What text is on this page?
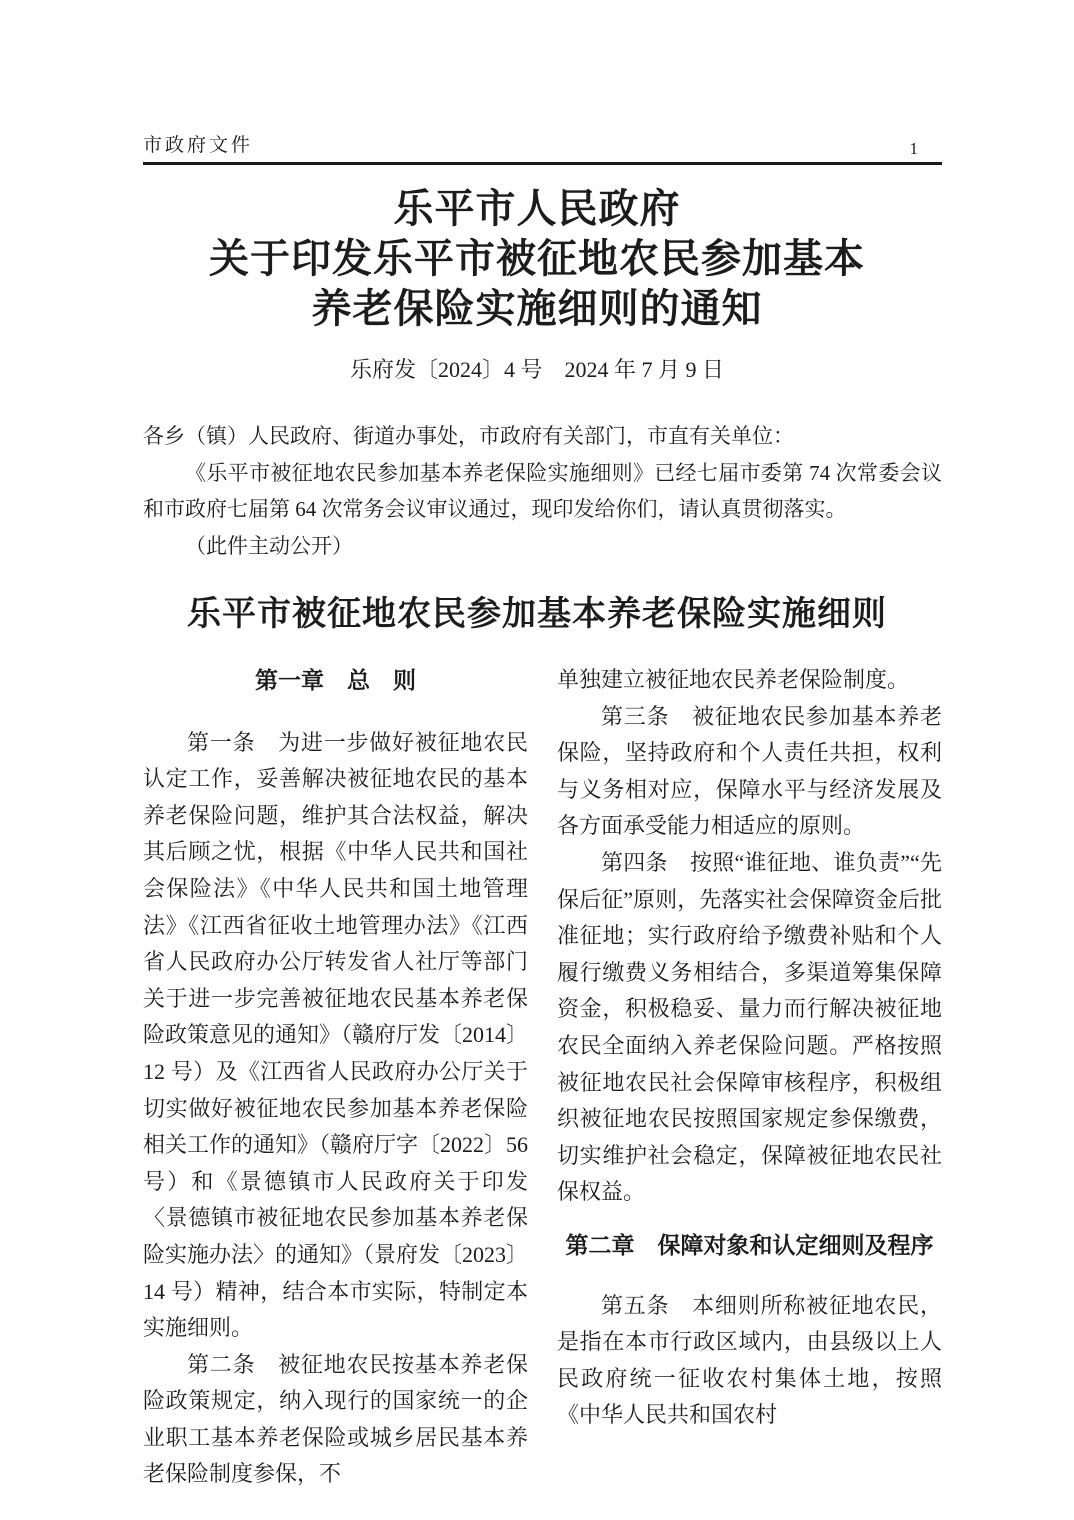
市政府文件	1
乐平市人民政府
关于印发乐平市被征地农民参加基本
养老保险实施细则的通知
乐府发〔2024〕4 号　2024 年 7 月 9 日

各乡（镇）人民政府、街道办事处，市政府有关部门，市直有关单位：

《乐平市被征地农民参加基本养老保险实施细则》已经七届市委第 74 次常委会议和市政府七届第 64 次常务会议审议通过，现印发给你们，请认真贯彻落实。

（此件主动公开）

乐平市被征地农民参加基本养老保险实施细则
第一章　总　则

第一条　为进一步做好被征地农民认定工作，妥善解决被征地农民的基本养老保险问题，维护其合法权益，解决其后顾之忧，根据《中华人民共和国社会保险法》《中华人民共和国土地管理法》《江西省征收土地管理办法》《江西省人民政府办公厅转发省人社厅等部门关于进一步完善被征地农民基本养老保险政策意见的通知》（赣府厅发〔2014〕12 号）及《江西省人民政府办公厅关于切实做好被征地农民参加基本养老保险相关工作的通知》（赣府厅字〔2022〕56 号）和《景德镇市人民政府关于印发〈景德镇市被征地农民参加基本养老保险实施办法〉的通知》（景府发〔2023〕14 号）精神，结合本市实际，特制定本实施细则。

第二条　被征地农民按基本养老保险政策规定，纳入现行的国家统一的企业职工基本养老保险或城乡居民基本养老保险制度参保，不

单独建立被征地农民养老保险制度。

第三条　被征地农民参加基本养老保险，坚持政府和个人责任共担，权利与义务相对应，保障水平与经济发展及各方面承受能力相适应的原则。

第四条　按照“谁征地、谁负责”“先保后征”原则，先落实社会保障资金后批准征地；实行政府给予缴费补贴和个人履行缴费义务相结合，多渠道筹集保障资金，积极稳妥、量力而行解决被征地农民全面纳入养老保险问题。严格按照被征地农民社会保障审核程序，积极组织被征地农民按照国家规定参保缴费，切实维护社会稳定，保障被征地农民社保权益。

第二章　保障对象和认定细则及程序

第五条　本细则所称被征地农民，是指在本市行政区域内，由县级以上人民政府统一征收农村集体土地，按照《中华人民共和国农村
